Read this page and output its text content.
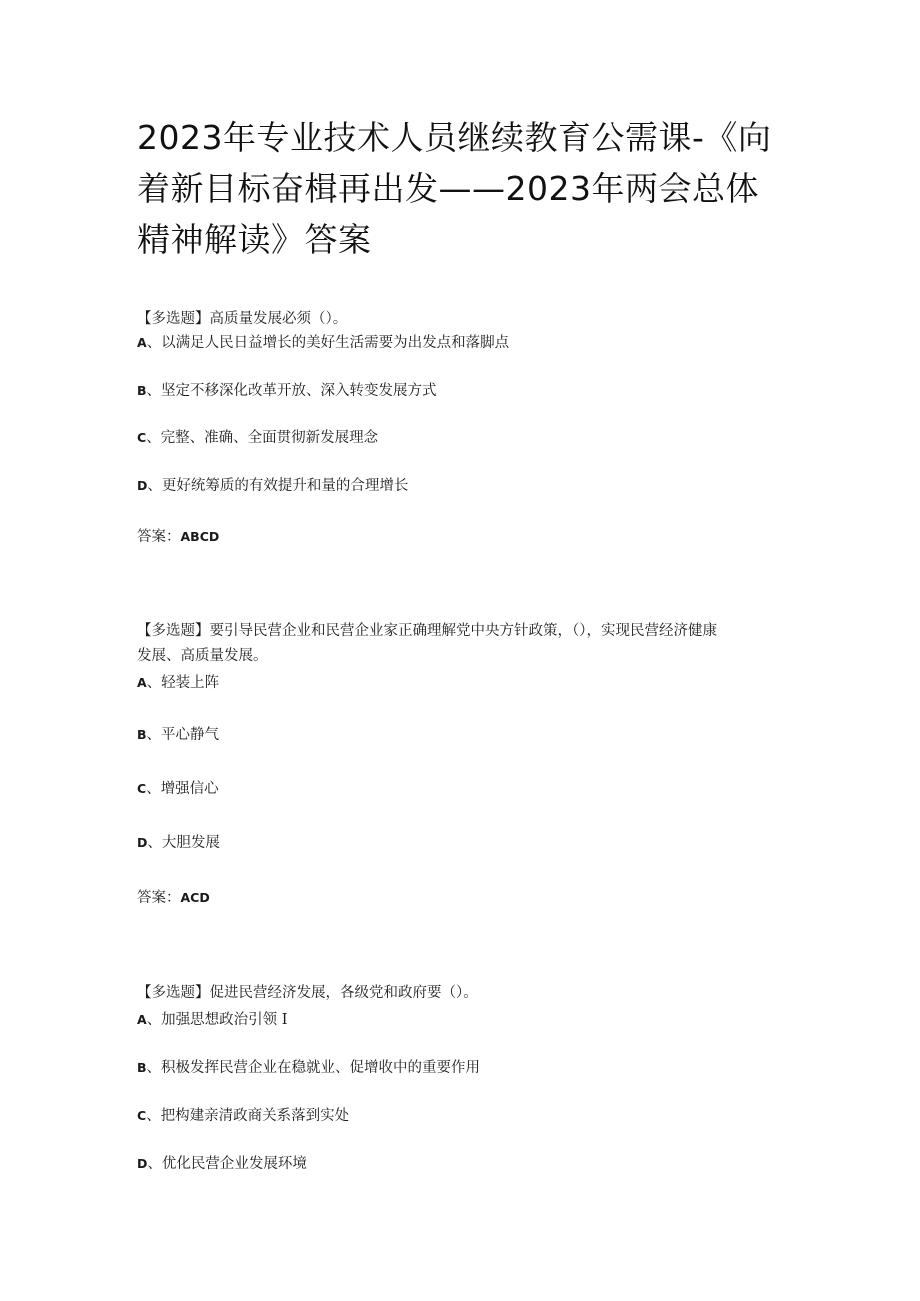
2023年专业技术人员继续教育公需课-《向
着新目标奋楫再出发——2023年两会总体
精神解读》答案
【多选题】高质量发展必须（）。
A、以满足人民日益增长的美好生活需要为出发点和落脚点
B、坚定不移深化改革开放、深入转变发展方式
C、完整、准确、全面贯彻新发展理念
D、更好统筹质的有效提升和量的合理增长
答案：ABCD
【多选题】要引导民营企业和民营企业家正确理解党中央方针政策，（），实现民营经济健康
发展、高质量发展。
A、轻装上阵
B、平心静气
C、增强信心
D、大胆发展
答案：ACD
【多选题】促进民营经济发展，各级党和政府要（）。
A、加强思想政治引领 I
B、积极发挥民营企业在稳就业、促增收中的重要作用
C、把构建亲清政商关系落到实处
D、优化民营企业发展环境
